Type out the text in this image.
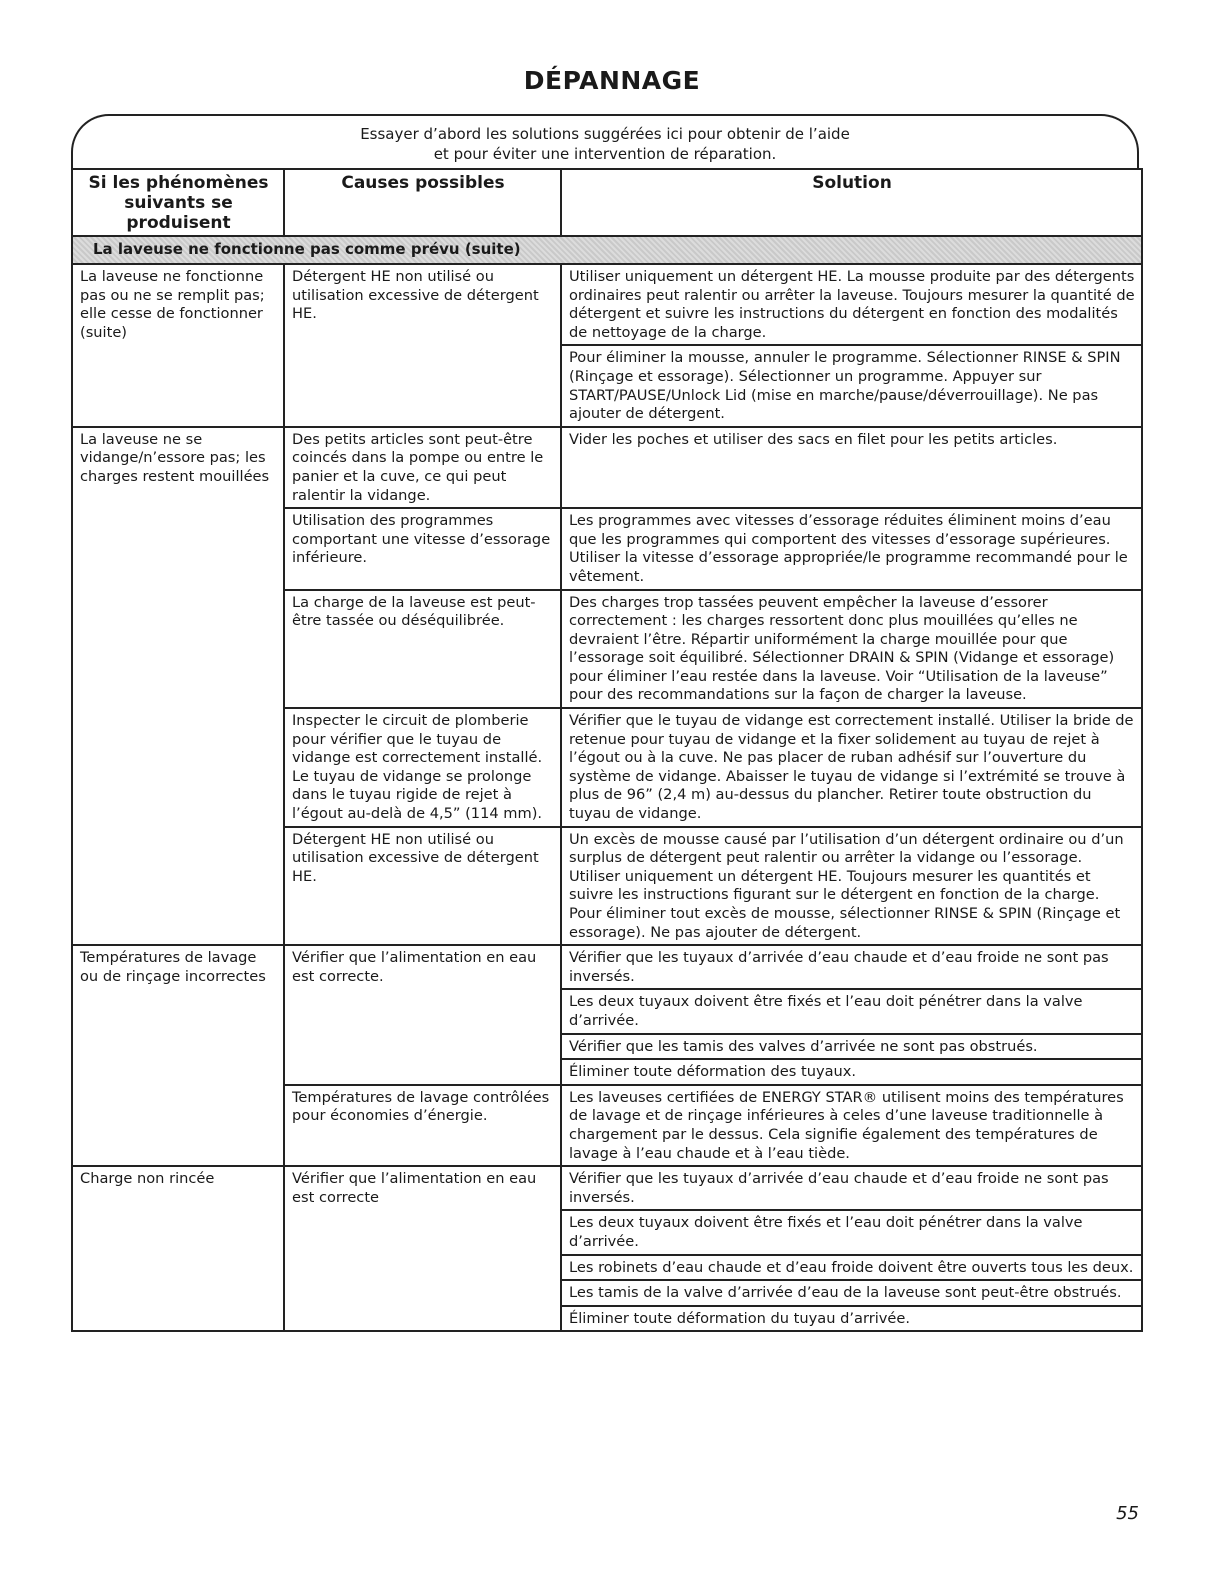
DÉPANNAGE
Essayer d’abord les solutions suggérées ici pour obtenir de l’aide
et pour éviter une intervention de réparation.
Si les phénomènes suivants se produisent	Causes possibles	Solution
La laveuse ne fonctionne pas comme prévu (suite)		
La laveuse ne fonctionne pas ou ne se remplit pas; elle cesse de fonctionner (suite)	Détergent HE non utilisé ou utilisation excessive de détergent HE.	Utiliser uniquement un détergent HE. La mousse produite par des détergents ordinaires peut ralentir ou arrêter la laveuse. Toujours mesurer la quantité de détergent et suivre les instructions du détergent en fonction des modalités de nettoyage de la charge.
		Pour éliminer la mousse, annuler le programme. Sélectionner RINSE & SPIN (Rinçage et essorage). Sélectionner un programme. Appuyer sur START/PAUSE/Unlock Lid (mise en marche/pause/déverrouillage). Ne pas ajouter de détergent.
La laveuse ne se vidange/n’essore pas; les charges restent mouillées	Des petits articles sont peut-être coincés dans la pompe ou entre le panier et la cuve, ce qui peut ralentir la vidange.	Vider les poches et utiliser des sacs en filet pour les petits articles.
	Utilisation des programmes comportant une vitesse d’essorage inférieure.	Les programmes avec vitesses d’essorage réduites éliminent moins d’eau que les programmes qui comportent des vitesses d’essorage supérieures. Utiliser la vitesse d’essorage appropriée/le programme recommandé pour le vêtement.
	La charge de la laveuse est peut-être tassée ou déséquilibrée.	Des charges trop tassées peuvent empêcher la laveuse d’essorer correctement : les charges ressortent donc plus mouillées qu’elles ne devraient l’être. Répartir uniformément la charge mouillée pour que l’essorage soit équilibré. Sélectionner DRAIN & SPIN (Vidange et essorage) pour éliminer l’eau restée dans la laveuse. Voir “Utilisation de la laveuse” pour des recommandations sur la façon de charger la laveuse.
	Inspecter le circuit de plomberie pour vérifier que le tuyau de vidange est correctement installé. Le tuyau de vidange se prolonge dans le tuyau rigide de rejet à l’égout au-delà de 4,5” (114 mm).	Vérifier que le tuyau de vidange est correctement installé. Utiliser la bride de retenue pour tuyau de vidange et la fixer solidement au tuyau de rejet à l’égout ou à la cuve. Ne pas placer de ruban adhésif sur l’ouverture du système de vidange. Abaisser le tuyau de vidange si l’extrémité se trouve à plus de 96” (2,4 m) au-dessus du plancher. Retirer toute obstruction du tuyau de vidange.
	Détergent HE non utilisé ou utilisation excessive de détergent HE.	Un excès de mousse causé par l’utilisation d’un détergent ordinaire ou d’un surplus de détergent peut ralentir ou arrêter la vidange ou l’essorage. Utiliser uniquement un détergent HE. Toujours mesurer les quantités et suivre les instructions figurant sur le détergent en fonction de la charge. Pour éliminer tout excès de mousse, sélectionner RINSE & SPIN (Rinçage et essorage). Ne pas ajouter de détergent.
Températures de lavage ou de rinçage incorrectes	Vérifier que l’alimentation en eau est correcte.	Vérifier que les tuyaux d’arrivée d’eau chaude et d’eau froide ne sont pas inversés.
		Les deux tuyaux doivent être fixés et l’eau doit pénétrer dans la valve d’arrivée.
		Vérifier que les tamis des valves d’arrivée ne sont pas obstrués.
		Éliminer toute déformation des tuyaux.
	Températures de lavage contrôlées pour économies d’énergie.	Les laveuses certifiées de ENERGY STAR® utilisent moins des températures de lavage et de rinçage inférieures à celes d’une laveuse traditionnelle à chargement par le dessus. Cela signifie également des températures de lavage à l’eau chaude et à l’eau tiède.
Charge non rincée	Vérifier que l’alimentation en eau est correcte	Vérifier que les tuyaux d’arrivée d’eau chaude et d’eau froide ne sont pas inversés.
		Les deux tuyaux doivent être fixés et l’eau doit pénétrer dans la valve d’arrivée.
		Les robinets d’eau chaude et d’eau froide doivent être ouverts tous les deux.
		Les tamis de la valve d’arrivée d’eau de la laveuse sont peut-être obstrués.
		Éliminer toute déformation du tuyau d’arrivée.
55
